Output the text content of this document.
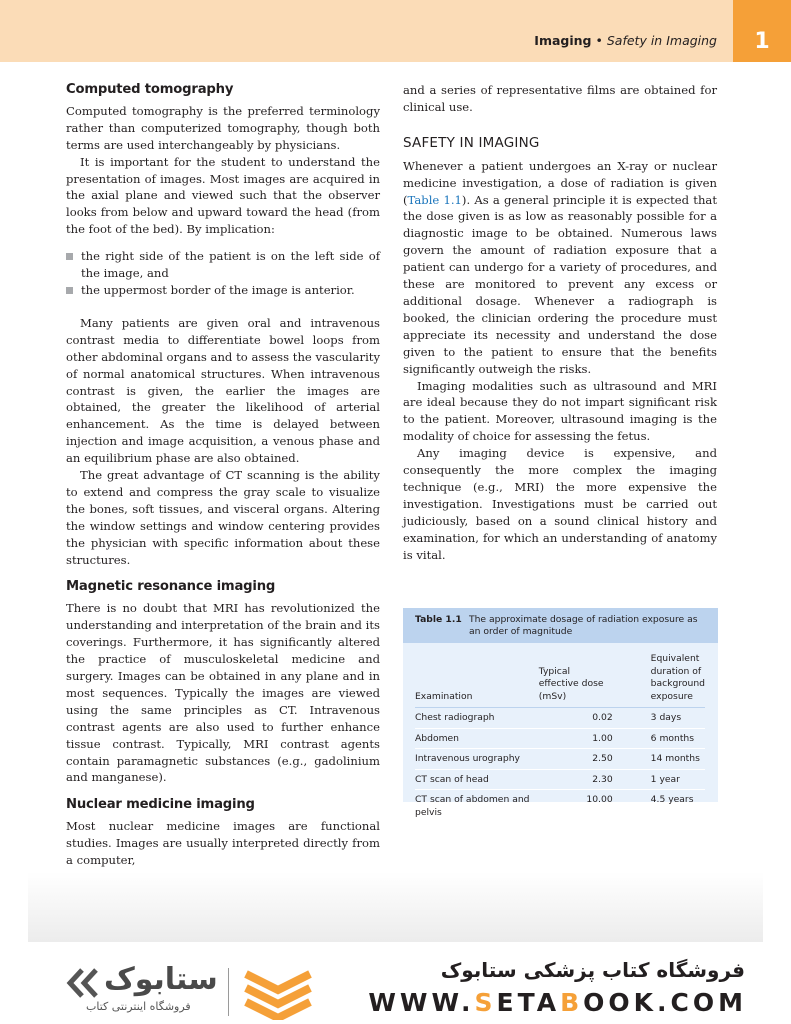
Imaging • Safety in Imaging	1
Computed tomography

Computed tomography is the preferred terminology rather than computerized tomography, though both terms are used interchangeably by physicians.

It is important for the student to understand the presentation of images. Most images are acquired in the axial plane and viewed such that the observer looks from below and upward toward the head (from the foot of the bed). By implication:

the right side of the patient is on the left side of the image, and
the uppermost border of the image is anterior.

Many patients are given oral and intravenous contrast media to differentiate bowel loops from other abdominal organs and to assess the vascularity of normal anatomical structures. When intravenous contrast is given, the earlier the images are obtained, the greater the likelihood of arterial enhancement. As the time is delayed between injection and image acquisition, a venous phase and an equilibrium phase are also obtained.

The great advantage of CT scanning is the ability to extend and compress the gray scale to visualize the bones, soft tissues, and visceral organs. Altering the window settings and window centering provides the physician with specific information about these structures.

Magnetic resonance imaging

There is no doubt that MRI has revolutionized the understanding and interpretation of the brain and its coverings. Furthermore, it has significantly altered the practice of musculoskeletal medicine and surgery. Images can be obtained in any plane and in most sequences. Typically the images are viewed using the same principles as CT. Intravenous contrast agents are also used to further enhance tissue contrast. Typically, MRI contrast agents contain paramagnetic substances (e.g., gadolinium and manganese).

Nuclear medicine imaging

Most nuclear medicine images are functional studies. Images are usually interpreted directly from a computer,

and a series of representative films are obtained for clinical use.

SAFETY IN IMAGING

Whenever a patient undergoes an X-ray or nuclear medicine investigation, a dose of radiation is given (Table 1.1). As a general principle it is expected that the dose given is as low as reasonably possible for a diagnostic image to be obtained. Numerous laws govern the amount of radiation exposure that a patient can undergo for a variety of procedures, and these are monitored to prevent any excess or additional dosage. Whenever a radiograph is booked, the clinician ordering the procedure must appreciate its necessity and understand the dose given to the patient to ensure that the benefits significantly outweigh the risks.

Imaging modalities such as ultrasound and MRI are ideal because they do not impart significant risk to the patient. Moreover, ultrasound imaging is the modality of choice for assessing the fetus.

Any imaging device is expensive, and consequently the more complex the imaging technique (e.g., MRI) the more expensive the investigation. Investigations must be carried out judiciously, based on a sound clinical history and examination, for which an understanding of anatomy is vital.

Table 1.1 The approximate dosage of radiation exposure as an order of magnitude
Examination	Typical effective dose (mSv)	Equivalent duration of background exposure
Chest radiograph	0.02	3 days
Abdomen	1.00	6 months
Intravenous urography	2.50	14 months
CT scan of head	2.30	1 year
CT scan of abdomen and pelvis	10.00	4.5 years
ستابوک
فروشگاه اینترنتی کتاب
فروشگاه کتاب پزشکی ستابوک
WWW.SETABOOK.COM
